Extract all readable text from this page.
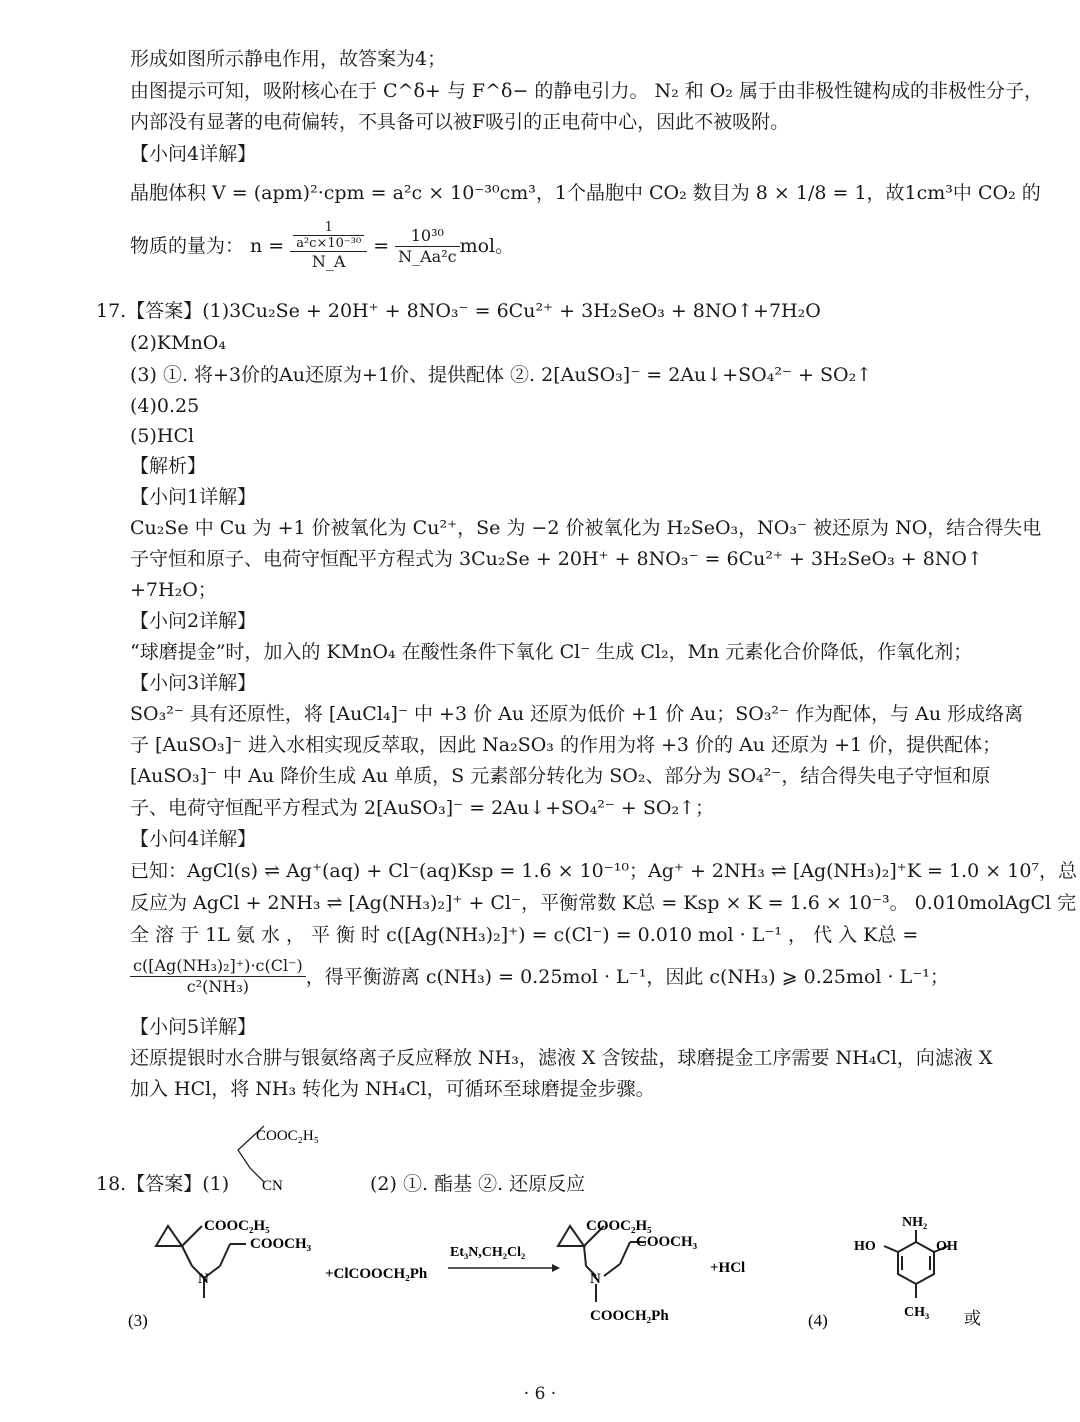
形成如图所示静电作用，故答案为4；
由图提示可知，吸附核心在于 C^δ+ 与 F^δ− 的静电引力。 N₂ 和 O₂ 属于由非极性键构成的非极性分子，
内部没有显著的电荷偏转，不具备可以被F吸引的正电荷中心，因此不被吸附。
【小问4详解】
晶胞体积 V = (apm)²·cpm = a²c × 10⁻³⁰cm³，1个晶胞中 CO₂ 数目为 8 × 1/8 = 1，故1cm³中 CO₂ 的
物质的量为： $n = \frac{\frac{1}{\text{a²c×10⁻³⁰}}}{N\_A} = \frac{\text{10³⁰}}{\text{N\_Aa²c}}$ mol。
17.【答案】(1)3Cu₂Se + 20H⁺ + 8NO₃⁻ = 6Cu²⁺ + 3H₂SeO₃ + 8NO↑+7H₂O
(2)KMnO₄
(3) ①. 将+3价的Au还原为+1价、提供配体 ②. 2[AuSO₃]⁻ = 2Au↓+SO₄²⁻ + SO₂↑
(4)0.25
(5)HCl
【解析】
【小问1详解】
Cu₂Se 中 Cu 为 +1 价被氧化为 Cu²⁺，Se 为 −2 价被氧化为 H₂SeO₃，NO₃⁻ 被还原为 NO，结合得失电
子守恒和原子、电荷守恒配平方程式为 3Cu₂Se + 20H⁺ + 8NO₃⁻ = 6Cu²⁺ + 3H₂SeO₃ + 8NO↑
+7H₂O；
【小问2详解】
“球磨提金”时，加入的 KMnO₄ 在酸性条件下氧化 Cl⁻ 生成 Cl₂，Mn 元素化合价降低，作氧化剂；
【小问3详解】
SO₃²⁻ 具有还原性，将 [AuCl₄]⁻ 中 +3 价 Au 还原为低价 +1 价 Au；SO₃²⁻ 作为配体，与 Au 形成络离
子 [AuSO₃]⁻ 进入水相实现反萃取，因此 Na₂SO₃ 的作用为将 +3 价的 Au 还原为 +1 价，提供配体；
[AuSO₃]⁻ 中 Au 降价生成 Au 单质，S 元素部分转化为 SO₂、部分为 SO₄²⁻，结合得失电子守恒和原
子、电荷守恒配平方程式为 2[AuSO₃]⁻ = 2Au↓+SO₄²⁻ + SO₂↑；
【小问4详解】
已知：AgCl(s) ⇌ Ag⁺(aq) + Cl⁻(aq)Ksp = 1.6 × 10⁻¹⁰；Ag⁺ + 2NH₃ ⇌ [Ag(NH₃)₂]⁺K = 1.0 × 10⁷，总
反应为 AgCl + 2NH₃ ⇌ [Ag(NH₃)₂]⁺ + Cl⁻，平衡常数 K总 = Ksp × K = 1.6 × 10⁻³。 0.010molAgCl 完
全 溶 于 1L 氨 水 ， 平 衡 时 c([Ag(NH₃)₂]⁺) = c(Cl⁻) = 0.010 mol · L⁻¹ ， 代 入 K总 =
$\frac{\text{c([Ag(NH₃)₂]⁺)·c(Cl⁻)}}{\text{c²(NH₃)}}$ ，得平衡游离 c(NH₃) = 0.25mol · L⁻¹，因此 c(NH₃) ⩾ 0.25mol · L⁻¹；
【小问5详解】
还原提银时水合肼与银氨络离子反应释放 NH₃，滤液 X 含铵盐，球磨提金工序需要 NH₄Cl，向滤液 X
加入 HCl，将 NH₃ 转化为 NH₄Cl，可循环至球磨提金步骤。
18.【答案】(1)	(2) ①. 酯基 ②. 还原反应
COOC₂H₅
CN
COOC₂H₅
COOCH₃
N	+ClCOOCH₂Ph
Et₃N,CH₂Cl₂
COOC₂H₅
COOCH₃
N
COOCH₂Ph
+HCl
(3)	(4)
NH₂
HO	OH
CH₃ 或
· 6 ·
